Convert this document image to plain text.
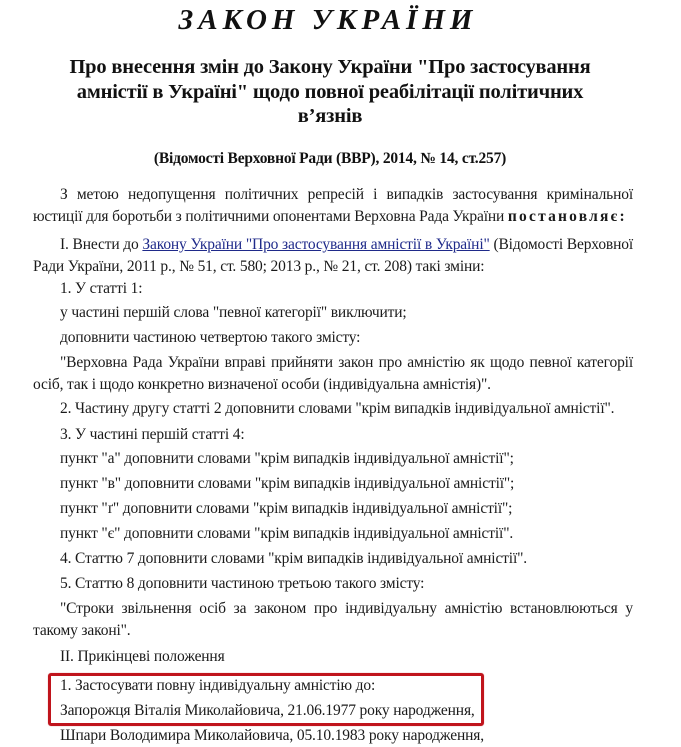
ЗАКОН УКРАЇНИ
Про внесення змін до Закону України "Про застосування амністії в Україні" щодо повної реабілітації політичних в’язнів
(Відомості Верховної Ради (ВВР), 2014, № 14, ст.257)

З метою недопущення політичних репресій і випадків застосування кримінальної юстиції для боротьби з політичними опонентами Верховна Рада України постановляє:

I. Внести до Закону України "Про застосування амністії в Україні" (Відомості Верховної Ради України, 2011 р., № 51, ст. 580; 2013 р., № 21, ст. 208) такі зміни:

1. У статті 1:

у частині першій слова "певної категорії" виключити;

доповнити частиною четвертою такого змісту:

"Верховна Рада України вправі прийняти закон про амністію як щодо певної категорії осіб, так і щодо конкретно визначеної особи (індивідуальна амністія)".

2. Частину другу статті 2 доповнити словами "крім випадків індивідуальної амністії".

3. У частині першій статті 4:

пункт "а" доповнити словами "крім випадків індивідуальної амністії";

пункт "в" доповнити словами "крім випадків індивідуальної амністії";

пункт "ґ" доповнити словами "крім випадків індивідуальної амністії";

пункт "є" доповнити словами "крім випадків індивідуальної амністії".

4. Статтю 7 доповнити словами "крім випадків індивідуальної амністії".

5. Статтю 8 доповнити частиною третьою такого змісту:

"Строки звільнення осіб за законом про індивідуальну амністію встановлюються у такому законі".

II. Прикінцеві положення

1. Застосувати повну індивідуальну амністію до:

Запорожця Віталія Миколайовича, 21.06.1977 року народження,

Шпари Володимира Миколайовича, 05.10.1983 року народження,
